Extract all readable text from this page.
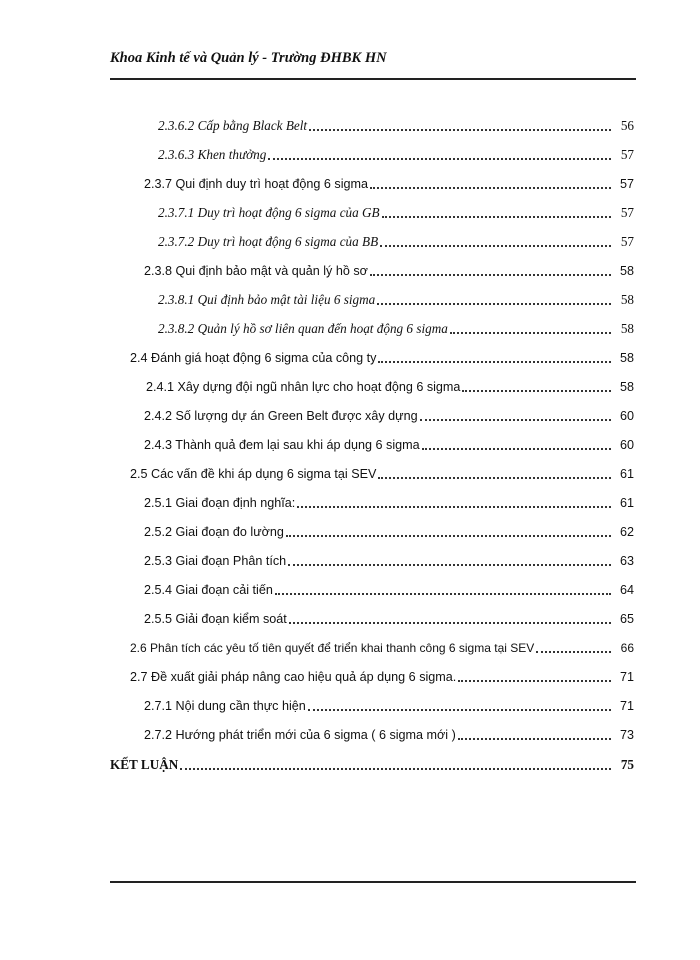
Khoa Kinh tế và Quản lý - Trường ĐHBK HN
2.3.6.2 Cấp bằng Black Belt	56
2.3.6.3 Khen thưởng	57
2.3.7 Qui định duy trì hoạt động 6 sigma	57
2.3.7.1 Duy trì hoạt động 6 sigma của GB	57
2.3.7.2 Duy trì hoạt động 6 sigma của BB	57
2.3.8 Qui định bảo mật và quản lý hồ sơ	58
2.3.8.1 Qui định bảo mật tài liệu 6 sigma	58
2.3.8.2 Quản lý hồ sơ liên quan đến hoạt động 6 sigma	58
2.4 Đánh giá hoạt động 6 sigma của công ty	58
2.4.1 Xây dựng đội ngũ nhân lực cho hoạt động 6 sigma	58
2.4.2 Số lượng dự án Green Belt được xây dựng	60
2.4.3 Thành quả đem lại sau khi áp dụng 6 sigma	60
2.5 Các vấn đề khi áp dụng 6 sigma tại SEV	61
2.5.1 Giai đoạn định nghĩa:	61
2.5.2 Giai đoạn đo lường	62
2.5.3 Giai đoạn Phân tích	63
2.5.4 Giai đoạn cải tiến	64
2.5.5 Giải đoạn kiểm soát	65
2.6 Phân tích các yêu tố tiên quyết để triển khai thanh công 6 sigma tại SEV	66
2.7 Đề xuất giải pháp nâng cao hiệu quả áp dụng 6 sigma.	71
2.7.1 Nội dung cần thực hiện	71
2.7.2 Hướng phát triển mới của 6 sigma ( 6 sigma mới )	73
KẾT LUẬN	75
